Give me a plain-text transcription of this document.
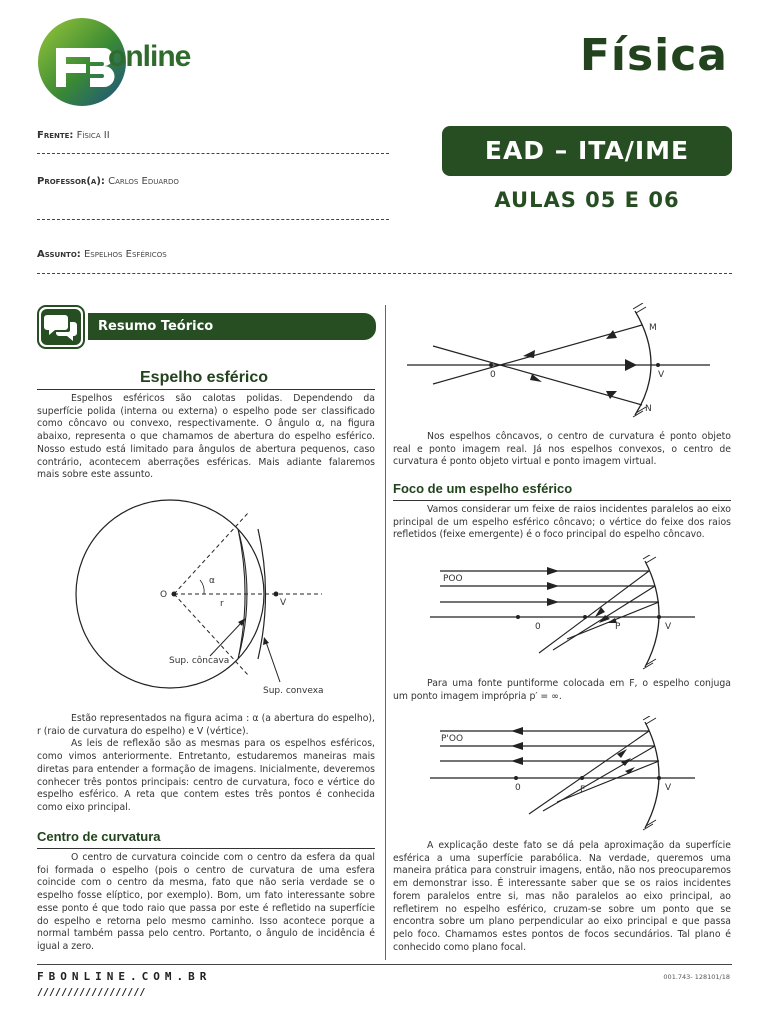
online	Física
EAD – ITA/IME
AULAS 05 E 06
Frente: Física II
Professor(a): Carlos Eduardo
Assunto: Espelhos Esféricos
Resumo Teórico
Espelho esférico

Espelhos esféricos são calotas polidas. Dependendo da superfície polida (interna ou externa) o espelho pode ser classificado como côncavo ou convexo, respectivamente. O ângulo α, na figura abaixo, representa o que chamamos de abertura do espelho esférico. Nosso estudo está limitado para ângulos de abertura pequenos, caso contrário, acontecem aberrações esféricas. Mais adiante falaremos mais sobre este assunto.

O
α
r	V
Sup. côncava
Sup. convexa

Estão representados na figura acima : α (a abertura do espelho), r (raio de curvatura do espelho) e V (vértice).

As leis de reflexão são as mesmas para os espelhos esféricos, como vimos anteriormente. Entretanto, estudaremos maneiras mais diretas para entender a formação de imagens. Inicialmente, deveremos conhecer três pontos principais: centro de curvatura, foco e vértice do espelho esférico. A reta que contem estes três pontos é conhecida como eixo principal.

Centro de curvatura

O centro de curvatura coincide com o centro da esfera da qual foi formada o espelho (pois o centro de curvatura de uma esfera coincide com o centro da mesma, fato que não seria verdade se o espelho fosse elíptico, por exemplo). Bom, um fato interessante sobre esse ponto é que todo raio que passa por este é refletido na superfície do espelho e retorna pelo mesmo caminho. Isso acontece porque a normal também passa pelo centro. Portanto, o ângulo de incidência é igual a zero.

M
0	V
N

Nos espelhos côncavos, o centro de curvatura é ponto objeto real e ponto imagem real. Já nos espelhos convexos, o centro de curvatura é ponto objeto virtual e ponto imagem virtual.

Foco de um espelho esférico

Vamos considerar um feixe de raios incidentes paralelos ao eixo principal de um espelho esférico côncavo; o vértice do feixe dos raios refletidos (feixe emergente) é o foco principal do espelho côncavo.

POO
0	P	V

Para uma fonte puntiforme colocada em F, o espelho conjuga um ponto imagem imprópria p′ = ∞.

P'OO
0	F	V

A explicação deste fato se dá pela aproximação da superfície esférica a uma superfície parabólica. Na verdade, queremos uma maneira prática para construir imagens, então, não nos preocuparemos em demonstrar isso. É interessante saber que se os raios incidentes forem paralelos entre si, mas não paralelos ao eixo principal, ao refletirem no espelho esférico, cruzam-se sobre um ponto que se encontra sobre um plano perpendicular ao eixo principal e que passa pelo foco. Chamamos estes pontos de focos secundários. Tal plano é conhecido como plano focal.

FBONLINE.COM.BR
//////////////////
001.743- 128101/18
